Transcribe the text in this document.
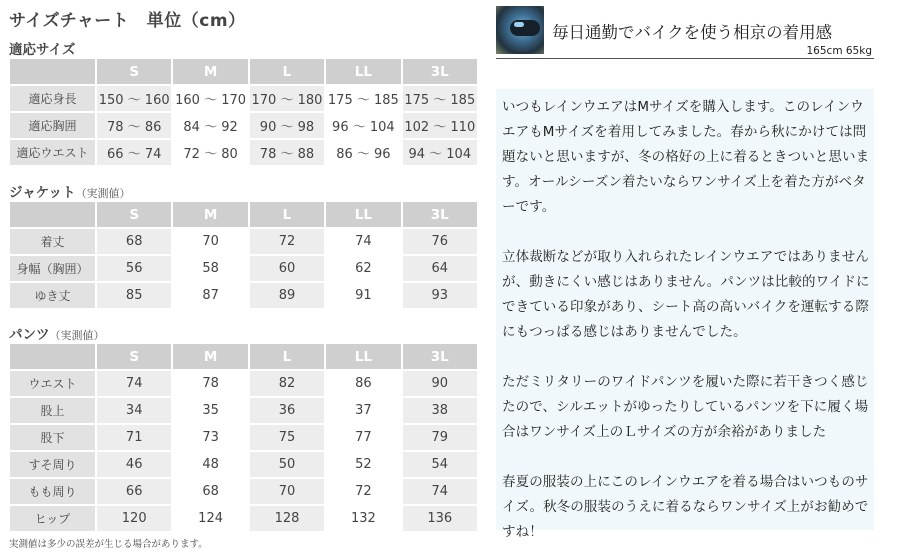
サイズチャート　単位（cm）
適応サイズ
	S	M	L	LL	3L
適応身長	150 ～ 160	160 ～ 170	170 ～ 180	175 ～ 185	175 ～ 185
適応胸囲	78 ～ 86	84 ～ 92	90 ～ 98	96 ～ 104	102 ～ 110
適応ウエスト	66 ～ 74	72 ～ 80	78 ～ 88	86 ～ 96	94 ～ 104
ジャケット（実測値）
	S	M	L	LL	3L
着丈	68	70	72	74	76
身幅（胸囲）	56	58	60	62	64
ゆき丈	85	87	89	91	93
パンツ（実測値）
	S	M	L	LL	3L
ウエスト	74	78	82	86	90
股上	34	35	36	37	38
股下	71	73	75	77	79
すそ周り	46	48	50	52	54
もも周り	66	68	70	72	74
ヒップ	120	124	128	132	136
実測値は多少の誤差が生じる場合があります。
毎日通勤でバイクを使う相京の着用感
165cm 65kg

いつもレインウエアはMサイズを購入します。このレインウエアもMサイズを着用してみました。春から秋にかけては問題ないと思いますが、冬の格好の上に着るときついと思います。オールシーズン着たいならワンサイズ上を着た方がベターです。

立体裁断などが取り入れられたレインウエアではありませんが、動きにくい感じはありません。パンツは比較的ワイドにできている印象があり、シート高の高いバイクを運転する際にもつっぱる感じはありませんでした。

ただミリタリーのワイドパンツを履いた際に若干きつく感じたので、シルエットがゆったりしているパンツを下に履く場合はワンサイズ上のＬサイズの方が余裕がありました

春夏の服装の上にこのレインウエアを着る場合はいつものサイズ。秋冬の服装のうえに着るならワンサイズ上がお勧めですね！
